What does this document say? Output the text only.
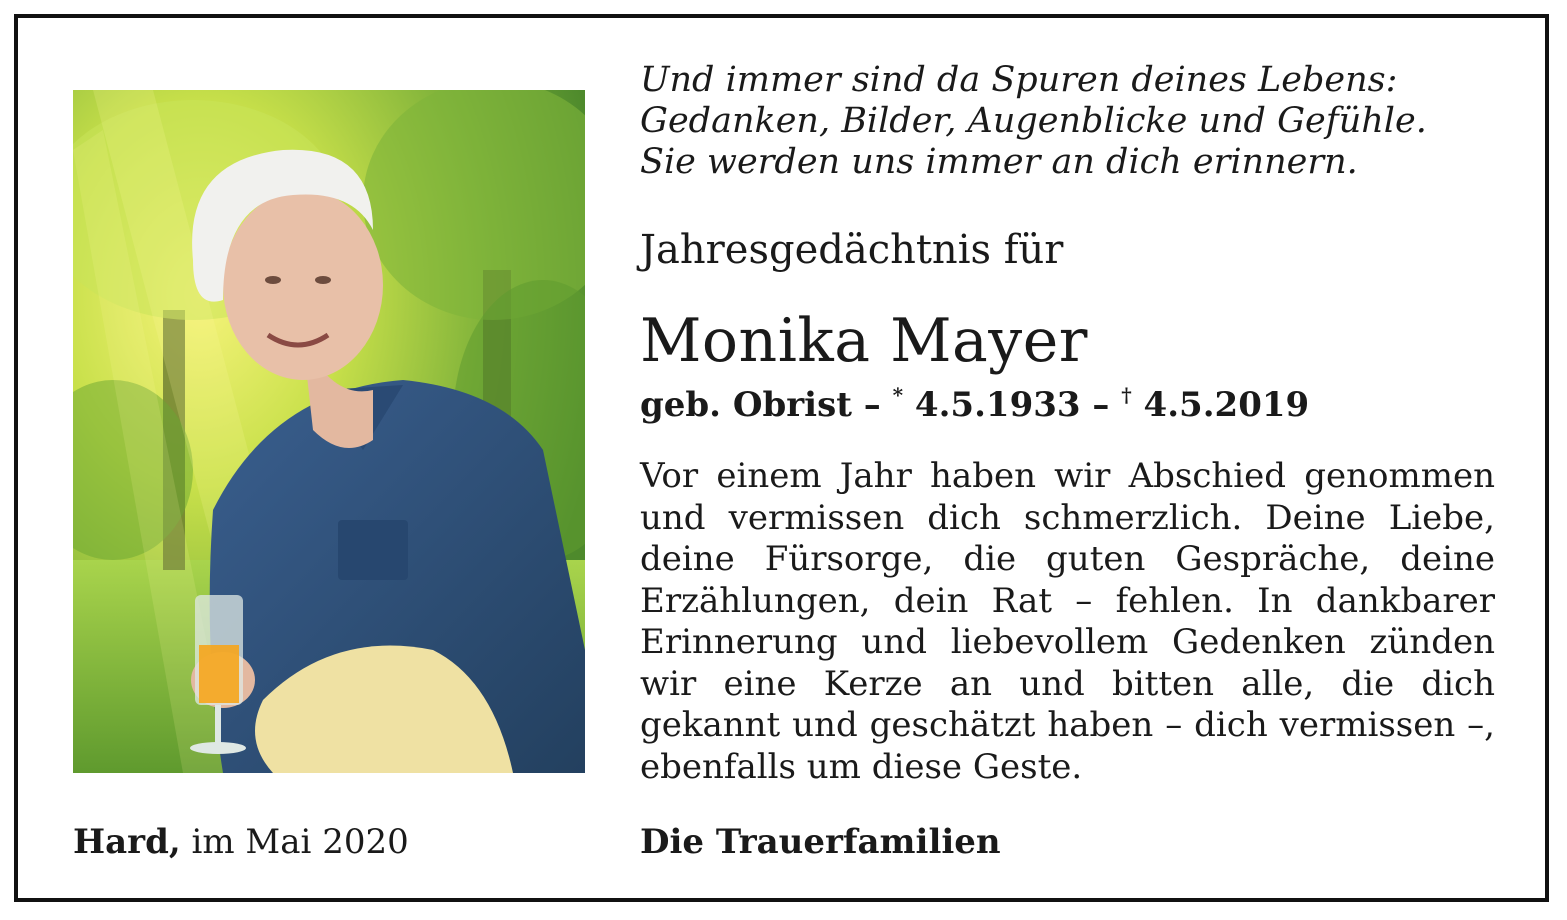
Und immer sind da Spuren deines Lebens:
Gedanken, Bilder, Augenblicke und Gefühle.
Sie werden uns immer an dich erinnern.
Jahresgedächtnis für
Monika Mayer
geb. Obrist – * 4.5.1933 – † 4.5.2019
Vor einem Jahr haben wir Abschied genommen und vermissen dich schmerzlich. Deine Liebe, deine Fürsorge, die guten Gespräche, deine Erzählungen, dein Rat – fehlen. In dankbarer Erinnerung und liebevollem Gedenken zünden wir eine Kerze an und bitten alle, die dich gekannt und geschätzt haben – dich vermissen –, ebenfalls um diese Geste.
Hard, im Mai 2020	Die Trauerfamilien
